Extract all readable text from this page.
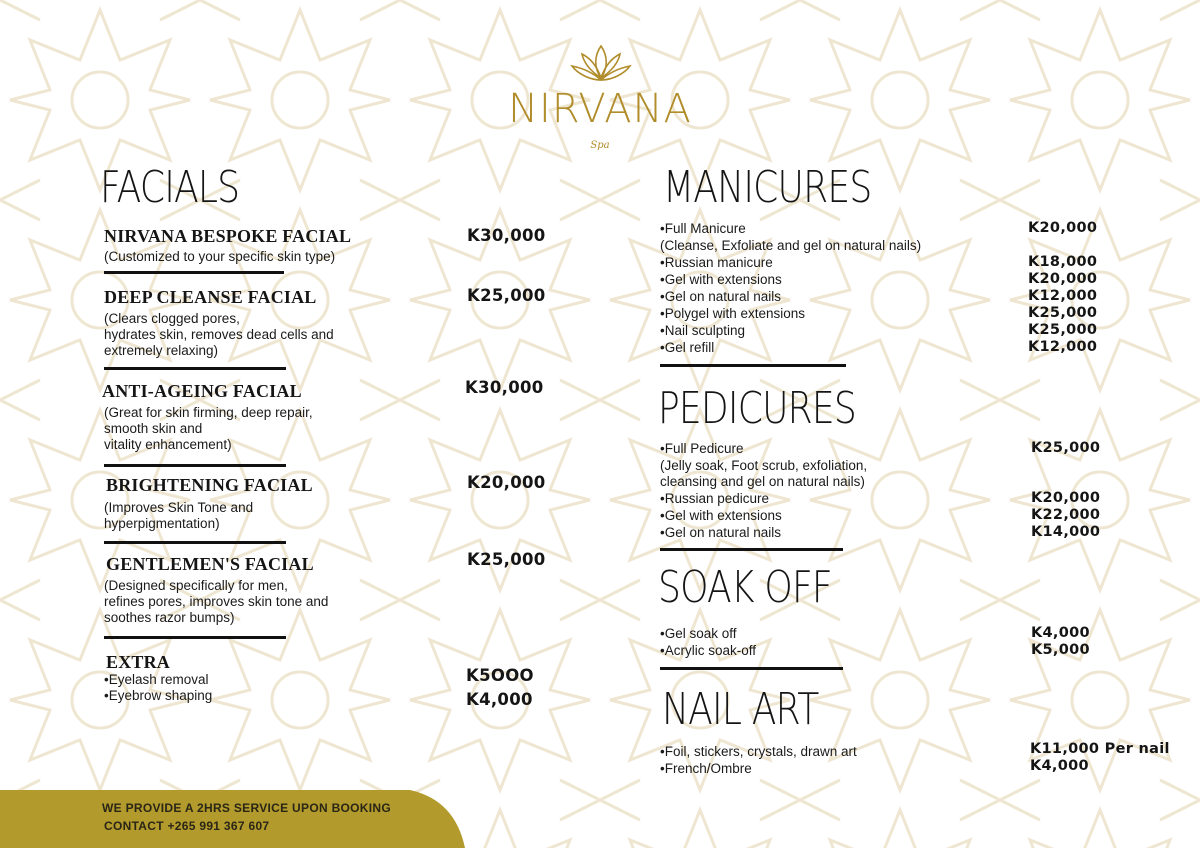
NIRVANA
Spa
FACIALS
NIRVANA BESPOKE FACIAL	K30,000
(Customized to your specific skin type)
DEEP CLEANSE FACIAL	K25,000
(Clears clogged pores,
hydrates skin, removes dead cells and
extremely relaxing)
ANTI-AGEING FACIAL	K30,000
(Great for skin firming, deep repair,
smooth skin and
vitality enhancement)
BRIGHTENING FACIAL	K20,000
(Improves Skin Tone and
hyperpigmentation)
GENTLEMEN'S FACIAL	K25,000
(Designed specifically for men,
refines pores, improves skin tone and
soothes razor bumps)
EXTRA
•Eyelash removal	K5OOO
•Eyebrow shaping	K4,000
MANICURES
•Full Manicure	K20,000
(Cleanse, Exfoliate and gel on natural nails)
•Russian manicure	K18,000
•Gel with extensions	K20,000
•Gel on natural nails	K12,000
•Polygel with extensions	K25,000
•Nail sculpting	K25,000
•Gel refill	K12,000
PEDICURES
•Full Pedicure	K25,000
(Jelly soak, Foot scrub, exfoliation,
cleansing and gel on natural nails)
•Russian pedicure	K20,000
•Gel with extensions	K22,000
•Gel on natural nails	K14,000
SOAK OFF
•Gel soak off	K4,000
•Acrylic soak-off	K5,000
NAIL ART
•Foil, stickers, crystals, drawn art	K11,000 Per nail
•French/Ombre	K4,000
WE PROVIDE A 2HRS SERVICE UPON BOOKING
CONTACT +265 991 367 607
